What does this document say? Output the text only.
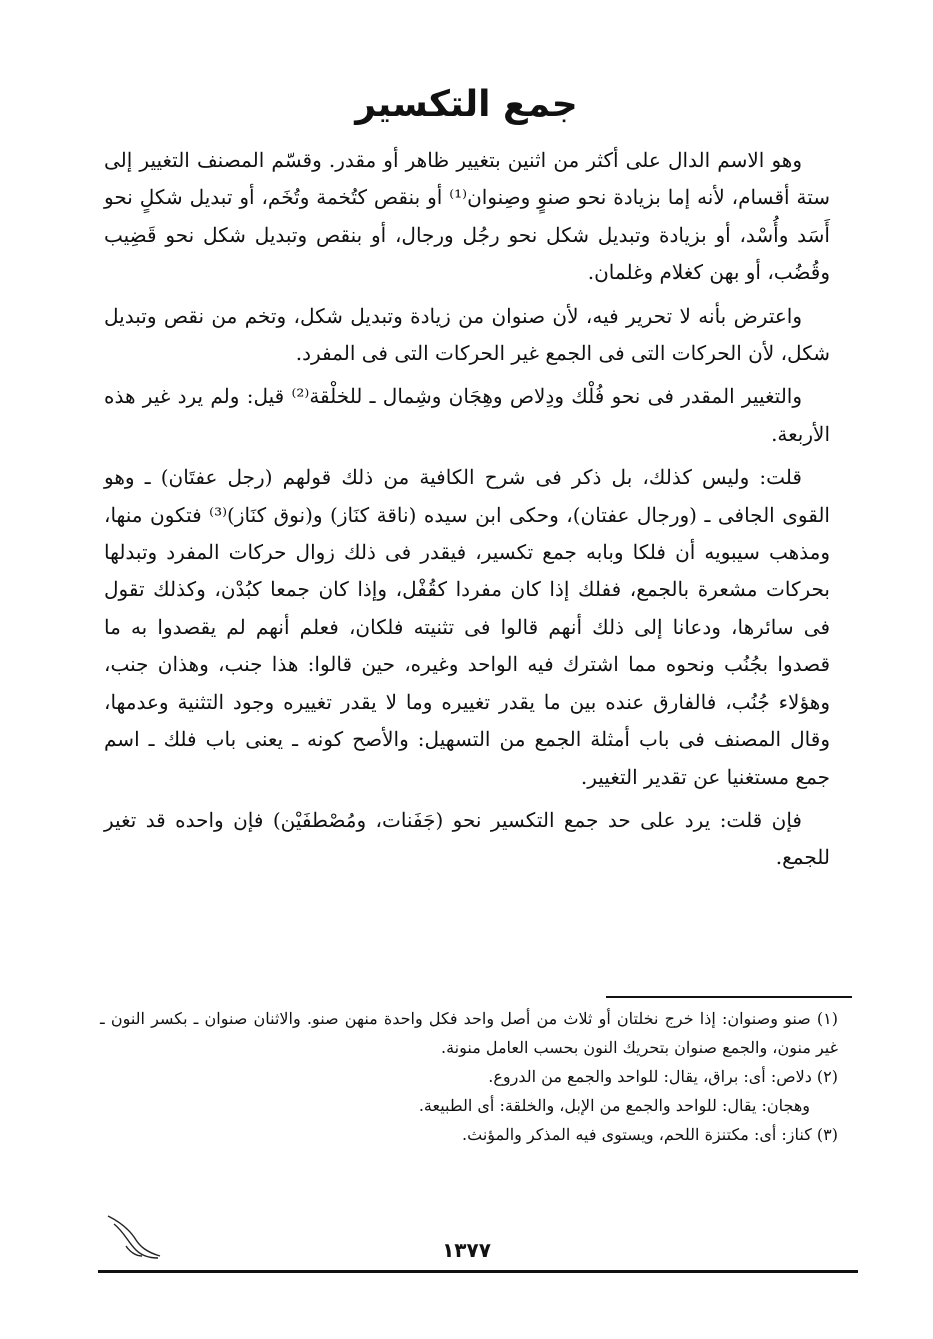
جمع التكسير

وهو الاسم الدال على أكثر من اثنين بتغيير ظاهر أو مقدر. وقسّم المصنف التغيير إلى ستة أقسام، لأنه إما بزيادة نحو صنوٍ وصِنوان⁽¹⁾ أو بنقص كتُخمة وتُخَم، أو تبديل شكلٍ نحو أَسَد وأُسْد، أو بزيادة وتبديل شكل نحو رجُل ورجال، أو بنقص وتبديل شكل نحو قَضِيب وقُضُب، أو بهن كغلام وغلمان.

واعترض بأنه لا تحرير فيه، لأن صنوان من زيادة وتبديل شكل، وتخم من نقص وتبديل شكل، لأن الحركات التى فى الجمع غير الحركات التى فى المفرد.

والتغيير المقدر فى نحو فُلْك ودِلاص وهِجَان وشِمال ـ للخلْقة⁽²⁾ قيل: ولم يرد غير هذه الأربعة.

قلت: وليس كذلك، بل ذكر فى شرح الكافية من ذلك قولهم (رجل عفتَان) ـ وهو القوى الجافى ـ (ورجال عفتان)، وحكى ابن سيده (ناقة كنَاز) و(نوق كنَاز)⁽³⁾ فتكون منها، ومذهب سيبويه أن فلكا وبابه جمع تكسير، فيقدر فى ذلك زوال حركات المفرد وتبدلها بحركات مشعرة بالجمع، ففلك إذا كان مفردا كقُفْل، وإذا كان جمعا كبُدْن، وكذلك تقول فى سائرها، ودعانا إلى ذلك أنهم قالوا فى تثنيته فلكان، فعلم أنهم لم يقصدوا به ما قصدوا بجُنُب ونحوه مما اشترك فيه الواحد وغيره، حين قالوا: هذا جنب، وهذان جنب، وهؤلاء جُنُب، فالفارق عنده بين ما يقدر تغييره وما لا يقدر تغييره وجود التثنية وعدمها، وقال المصنف فى باب أمثلة الجمع من التسهيل: والأصح كونه ـ يعنى باب فلك ـ اسم جمع مستغنيا عن تقدير التغيير.

فإن قلت: يرد على حد جمع التكسير نحو (جَفَنات، ومُصْطفَيْن) فإن واحده قد تغير للجمع.

(١) صنو وصنوان: إذا خرج نخلتان أو ثلاث من أصل واحد فكل واحدة منهن صنو. والاثنان صنوان ـ بكسر النون ـ غير منون، والجمع صنوان بتحريك النون بحسب العامل منونة.

(٢) دلاص: أى: براق، يقال: للواحد والجمع من الدروع.

وهجان: يقال: للواحد والجمع من الإبل، والخلقة: أى الطبيعة.

(٣) كناز: أى: مكتنزة اللحم، ويستوى فيه المذكر والمؤنث.

١٣٧٧
